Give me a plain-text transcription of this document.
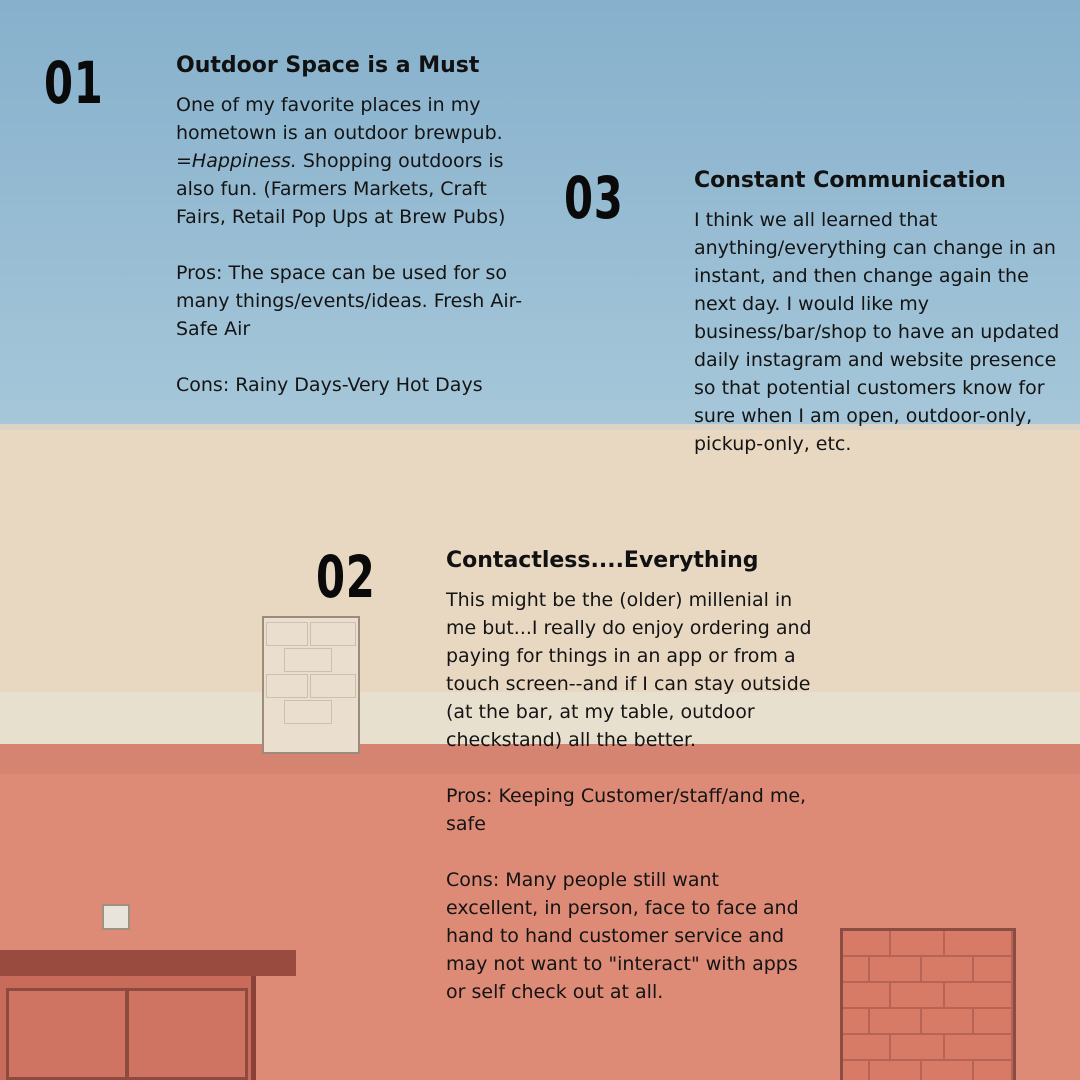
01	Outdoor Space is a Must

One of my favorite places in my hometown is an outdoor brewpub. =Happiness. Shopping outdoors is also fun. (Farmers Markets, Craft Fairs, Retail Pop Ups at Brew Pubs)

Pros: The space can be used for so many things/events/ideas. Fresh Air-Safe Air

Cons: Rainy Days-Very Hot Days

03	Constant Communication

I think we all learned that anything/everything can change in an instant, and then change again the next day. I would like my business/bar/shop to have an updated daily instagram and website presence so that potential customers know for sure when I am open, outdoor-only, pickup-only, etc.

02	Contactless....Everything

This might be the (older) millenial in me but...I really do enjoy ordering and paying for things in an app or from a touch screen--and if I can stay outside (at the bar, at my table, outdoor checkstand) all the better.

Pros: Keeping Customer/staff/and me, safe

Cons: Many people still want excellent, in person, face to face and hand to hand customer service and may not want to "interact" with apps or self check out at all.
